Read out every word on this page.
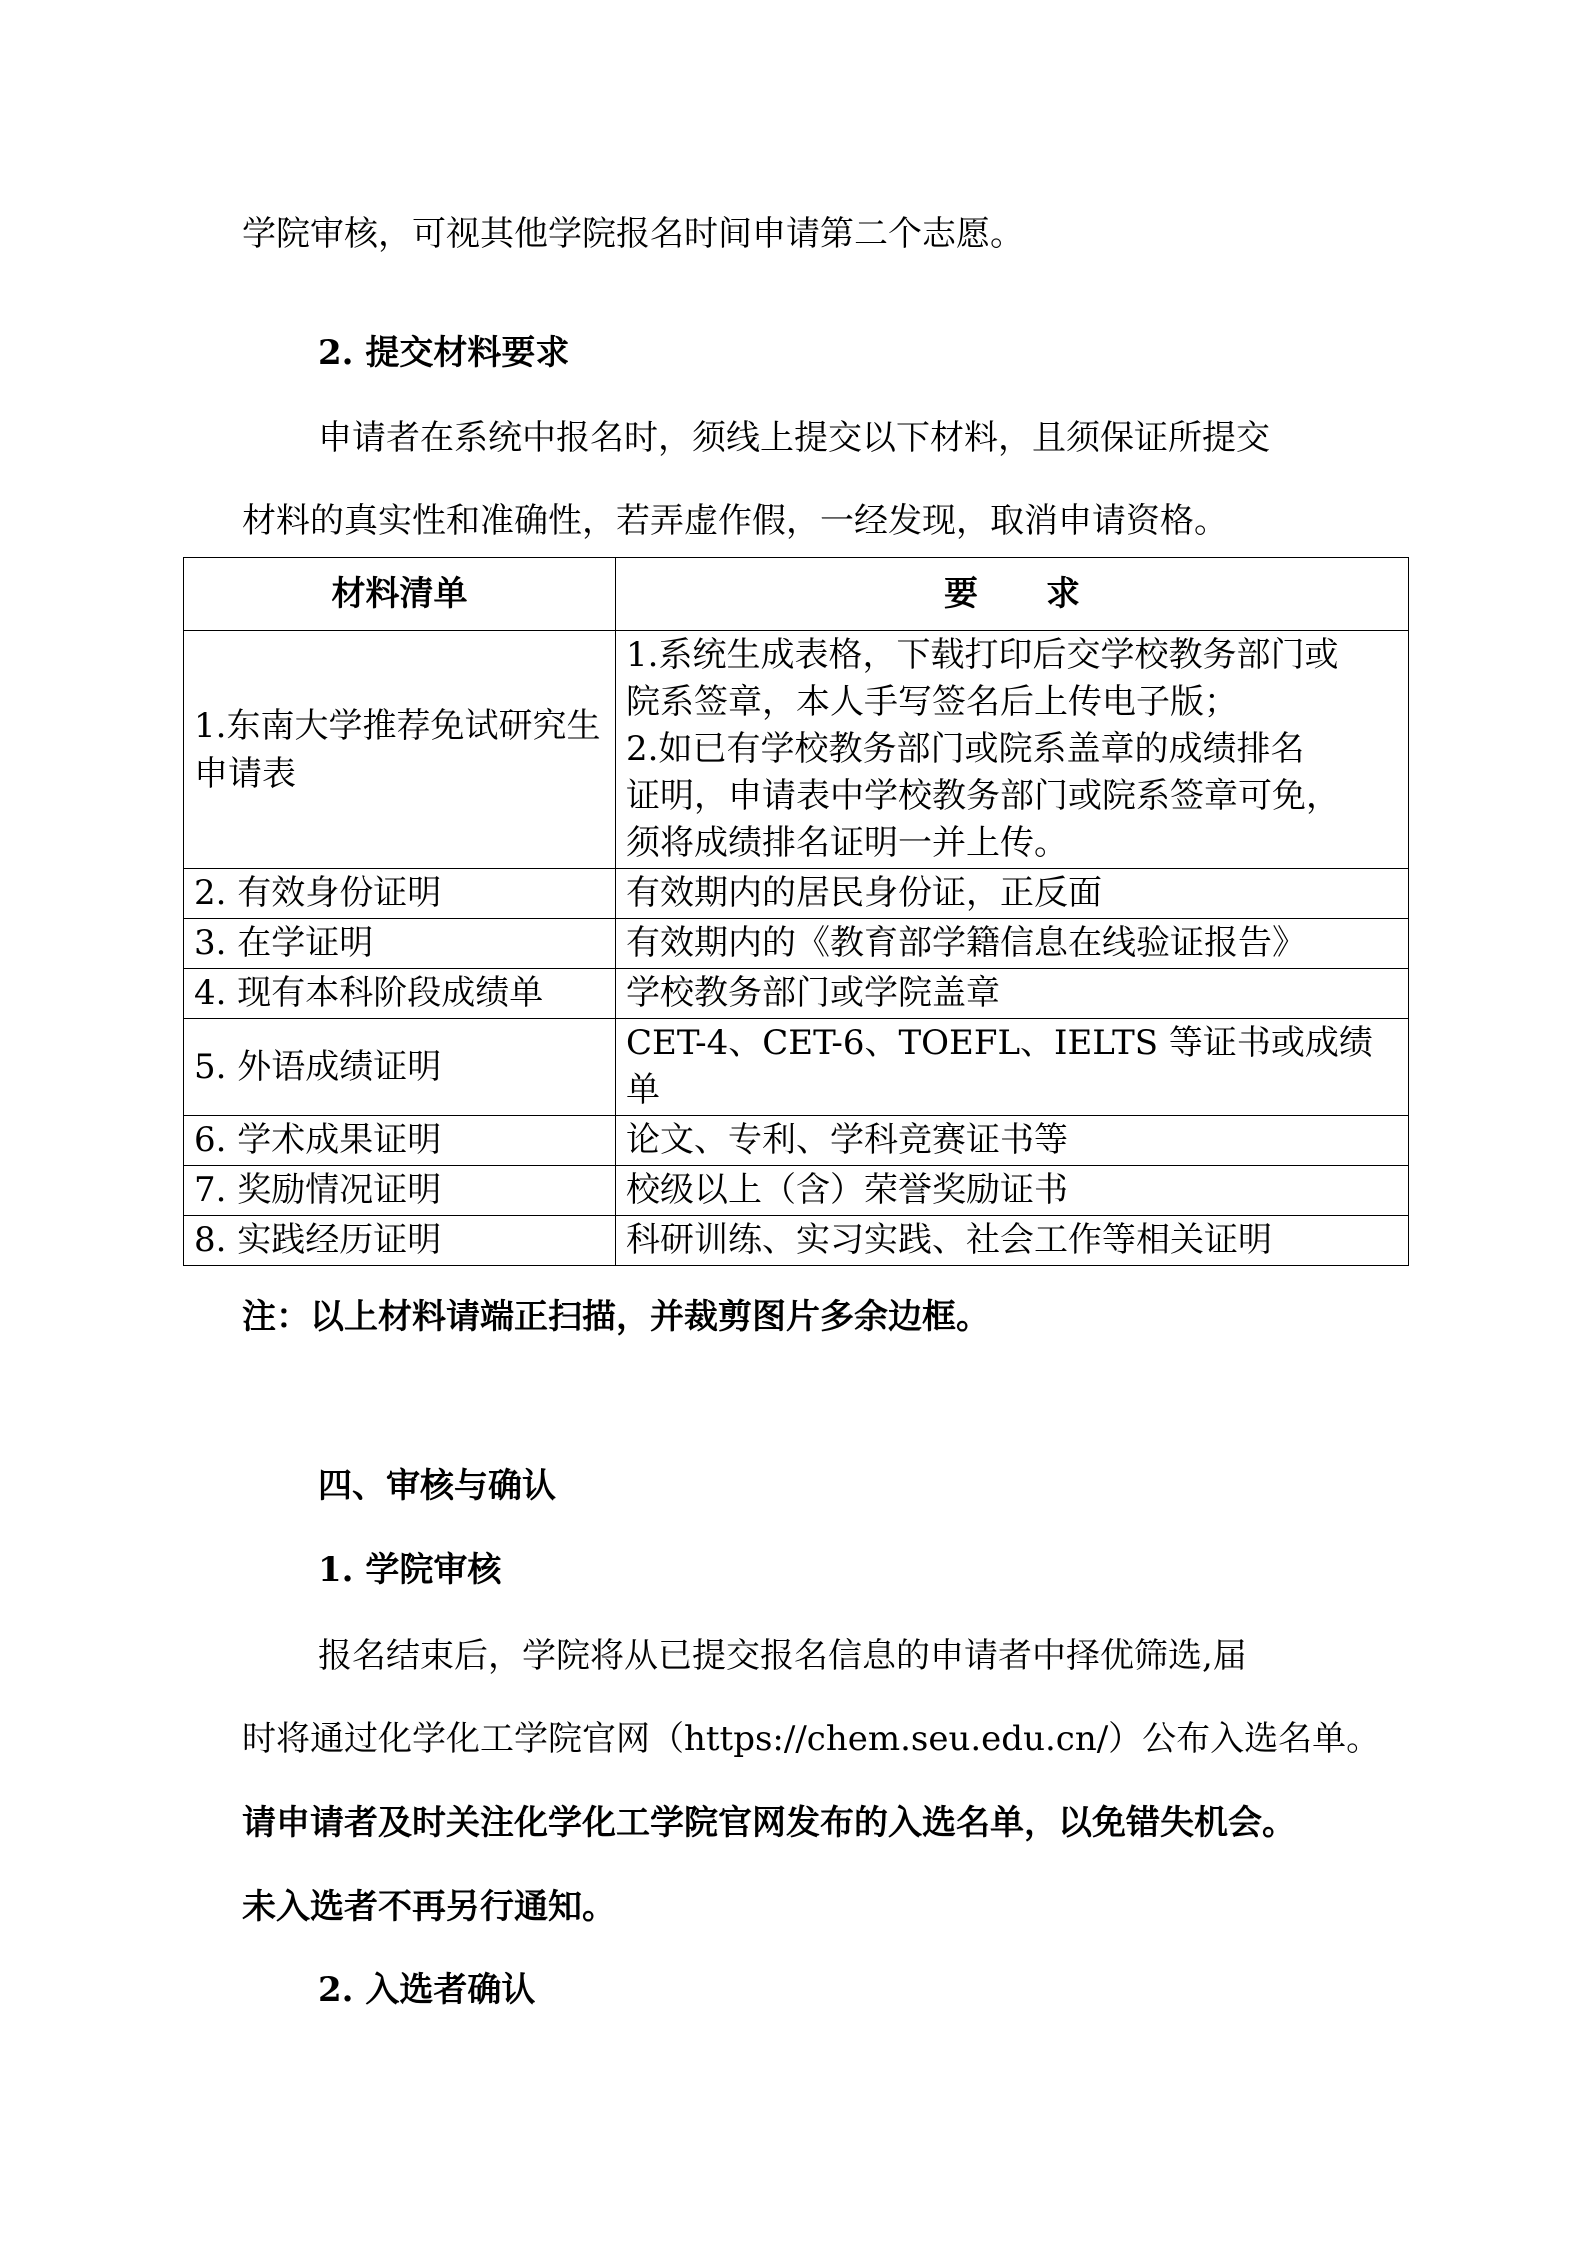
学院审核，可视其他学院报名时间申请第二个志愿。
2. 提交材料要求
申请者在系统中报名时，须线上提交以下材料，且须保证所提交
材料的真实性和准确性，若弄虚作假，一经发现，取消申请资格。
材料清单	要　　求
1.东南大学推荐免试研究生申请表	1.系统生成表格，下载打印后交学校教务部门或
院系签章，本人手写签名后上传电子版；
2.如已有学校教务部门或院系盖章的成绩排名
证明，申请表中学校教务部门或院系签章可免，
须将成绩排名证明一并上传。

2. 有效身份证明	有效期内的居民身份证，正反面
3. 在学证明	有效期内的《教育部学籍信息在线验证报告》
4. 现有本科阶段成绩单	学校教务部门或学院盖章
5. 外语成绩证明	CET-4、CET-6、TOEFL、IELTS 等证书或成绩
单

6. 学术成果证明	论文、专利、学科竞赛证书等
7. 奖励情况证明	校级以上（含）荣誉奖励证书
8. 实践经历证明	科研训练、实习实践、社会工作等相关证明
注：以上材料请端正扫描，并裁剪图片多余边框。
四、审核与确认
1. 学院审核
报名结束后，学院将从已提交报名信息的申请者中择优筛选,届
时将通过化学化工学院官网（https://chem.seu.edu.cn/）公布入选名单。
请申请者及时关注化学化工学院官网发布的入选名单，以免错失机会。
未入选者不再另行通知。
2. 入选者确认
